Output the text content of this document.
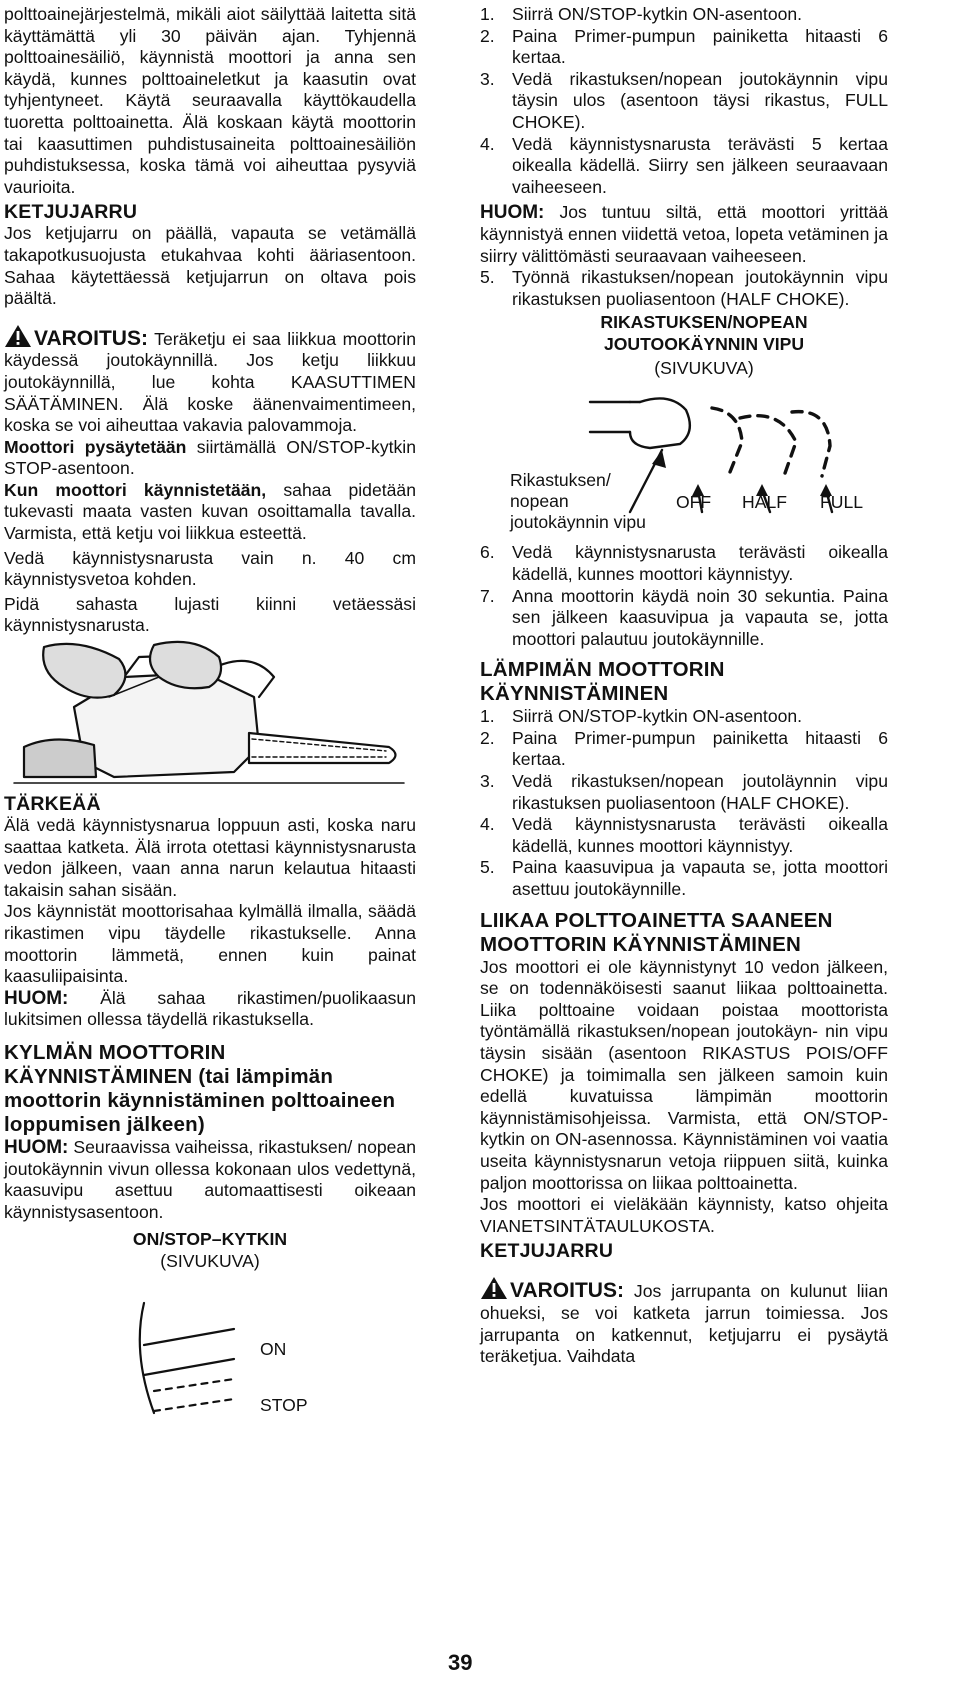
polttoainejärjestelmä, mikäli aiot säilyttää laitetta sitä käyttämättä yli 30 päivän ajan. Tyhjennä polttoainesäiliö, käynnistä moottori ja anna sen käydä, kunnes polttoaineletkut ja kaasutin ovat tyhjentyneet. Käytä seuraavalla käyttökaudella tuoretta polttoainetta. Älä koskaan käytä moottorin tai kaasuttimen puhdistusaineita polttoainesäiliön puhdistuksessa, koska tämä voi aiheuttaa pysyviä vaurioita.

KETJUJARRU

Jos ketjujarru on päällä, vapauta se vetämällä takapotkusuojusta etukahvaa kohti ääriasentoon. Sahaa käytettäessä ketjujarrun on oltava pois päältä.

VAROITUS: Teräketju ei saa liikkua moottorin käydessä joutokäynnillä. Jos ketju liikkuu joutokäynnillä, lue kohta KAASUTTIMEN SÄÄTÄMINEN. Älä koske äänenvaimentimeen, koska se voi aiheuttaa vakavia palovammoja.

Moottori pysäytetään siirtämällä ON/STOP-kytkin STOP-asentoon.

Kun moottori käynnistetään, sahaa pidetään tukevasti maata vasten kuvan osoittamalla tavalla. Varmista, että ketju voi liikkua esteettä.

Vedä käynnistysnarusta vain n. 40 cm käynnistysvetoa kohden.

Pidä sahasta lujasti kiinni vetäessäsi käynnistysnarusta.

TÄRKEÄÄ

Älä vedä käynnistysnarua loppuun asti, koska naru saattaa katketa. Älä irrota otettasi käynnistysnarusta vedon jälkeen, vaan anna narun kelautua hitaasti takaisin sahan sisään.

Jos käynnistät moottorisahaa kylmällä ilmalla, säädä rikastimen vipu täydelle rikastukselle. Anna moottorin lämmetä, ennen kuin painat kaasuliipaisinta.

HUOM: Älä sahaa rikastimen/puolikaasun lukitsimen ollessa täydellä rikastuksella.

KYLMÄN MOOTTORIN KÄYNNISTÄMINEN (tai lämpimän moottorin käynnistäminen polttoaineen loppumisen jälkeen)

HUOM: Seuraavissa vaiheissa, rikastuksen/ nopean joutokäynnin vivun ollessa kokonaan ulos vedettynä, kaasuvipu asettuu automaattisesti oikeaan käynnistysasentoon.

ON/STOP–KYTKIN
(SIVUKUVA)
ON
STOP
1. Siirrä ON/STOP-kytkin ON-asentoon.
2. Paina Primer-pumpun painiketta hitaasti 6 kertaa.
3. Vedä rikastuksen/nopean joutokäynnin vipu täysin ulos (asentoon täysi rikastus, FULL CHOKE).
4. Vedä käynnistysnarusta terävästi 5 kertaa oikealla kädellä. Siirry sen jälkeen seuraavaan vaiheeseen.

HUOM: Jos tuntuu siltä, että moottori yrittää käynnistyä ennen viidettä vetoa, lopeta vetäminen ja siirry välittömästi seuraavaan vaiheeseen.

5. Työnnä rikastuksen/nopean joutokäynnin vipu rikastuksen puoliasentoon (HALF CHOKE).
RIKASTUKSEN/NOPEAN
JOUTOOKÄYNNIN VIPU
(SIVUKUVA)
Rikastuksen/ nopean joutokäynnin vipu
OFF HALF FULL
6. Vedä käynnistysnarusta terävästi oikealla kädellä, kunnes moottori käynnistyy.
7. Anna moottorin käydä noin 30 sekuntia. Paina sen jälkeen kaasuvipua ja vapauta se, jotta moottori palautuu joutokäynnille.
LÄMPIMÄN MOOTTORIN KÄYNNISTÄMINEN
1. Siirrä ON/STOP-kytkin ON-asentoon.
2. Paina Primer-pumpun painiketta hitaasti 6 kertaa.
3. Vedä rikastuksen/nopean joutoläynnin vipu rikastuksen puoliasentoon (HALF CHOKE).
4. Vedä käynnistysnarusta terävästi oikealla kädellä, kunnes moottori käynnistyy.
5. Paina kaasuvipua ja vapauta se, jotta moottori asettuu joutokäynnille.
LIIKAA POLTTOAINETTA SAANEEN MOOTTORIN KÄYNNISTÄMINEN

Jos moottori ei ole käynnistynyt 10 vedon jälkeen, se on todennäköisesti saanut liikaa polttoainetta. Liika polttoaine voidaan poistaa moottorista työntämällä rikastuksen/nopean joutokäyn- nin vipu täysin sisään (asentoon RIKASTUS POIS/OFF CHOKE) ja toimimalla sen jälkeen samoin kuin edellä kuvatuissa lämpimän moottorin käynnistämisohjeissa. Varmista, että ON/STOP-kytkin on ON-asennossa. Käynnistäminen voi vaatia useita käynnistysnarun vetoja riippuen siitä, kuinka paljon moottorissa on liikaa polttoainetta.

Jos moottori ei vieläkään käynnisty, katso ohjeita VIANETSINTÄTAULUKOSTA.

KETJUJARRU

VAROITUS: Jos jarrupanta on kulunut liian ohueksi, se voi katketa jarrun toimiessa. Jos jarrupanta on katkennut, ketjujarru ei pysäytä teräketjua. Vaihdata

39
